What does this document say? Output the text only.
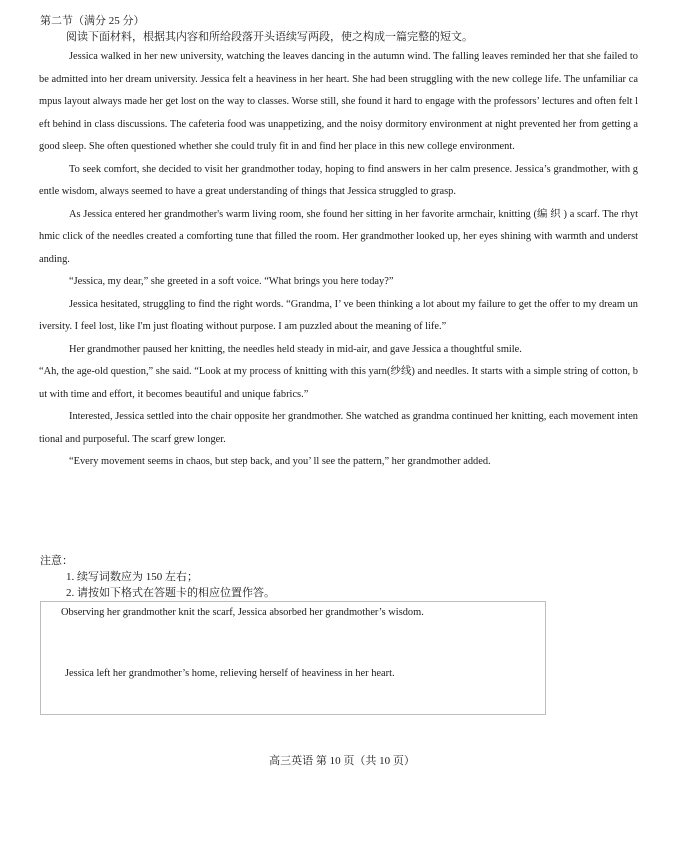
第二节（满分 25 分）
阅读下面材料，根据其内容和所给段落开头语续写两段，使之构成一篇完整的短文。

Jessica walked in her new university, watching the leaves dancing in the autumn wind. The falling leaves reminded her that she failed to be admitted into her dream university. Jessica felt a heaviness in her heart. She had been struggling with the new college life. The unfamiliar campus layout always made her get lost on the way to classes. Worse still, she found it hard to engage with the professors’ lectures and often felt left behind in class discussions. The cafeteria food was unappetizing, and the noisy dormitory environment at night prevented her from getting a good sleep. She often questioned whether she could truly fit in and find her place in this new college environment.

To seek comfort, she decided to visit her grandmother today, hoping to find answers in her calm presence. Jessica’s grandmother, with gentle wisdom, always seemed to have a great understanding of things that Jessica struggled to grasp.

As Jessica entered her grandmother's warm living room, she found her sitting in her favorite armchair, knitting (编 织 ) a scarf. The rhythmic click of the needles created a comforting tune that filled the room. Her grandmother looked up, her eyes shining with warmth and understanding.

“Jessica, my dear,” she greeted in a soft voice. “What brings you here today?”

Jessica hesitated, struggling to find the right words. “Grandma, I’ ve been thinking a lot about my failure to get the offer to my dream university. I feel lost, like I'm just floating without purpose. I am puzzled about the meaning of life.”

Her grandmother paused her knitting, the needles held steady in mid-air, and gave Jessica a thoughtful smile.

“Ah, the age-old question,” she said. “Look at my process of knitting with this yarn(纱线) and needles. It starts with a simple string of cotton, but with time and effort, it becomes beautiful and unique fabrics.”

Interested, Jessica settled into the chair opposite her grandmother. She watched as grandma continued her knitting, each movement intentional and purposeful. The scarf grew longer.

“Every movement seems in chaos, but step back, and you’ ll see the pattern,” her grandmother added.

注意：
1. 续写词数应为 150 左右；
2. 请按如下格式在答题卡的相应位置作答。
Observing her grandmother knit the scarf, Jessica absorbed her grandmother’s wisdom.
Jessica left her grandmother’s home, relieving herself of heaviness in her heart.
高三英语 第 10 页（共 10 页）
